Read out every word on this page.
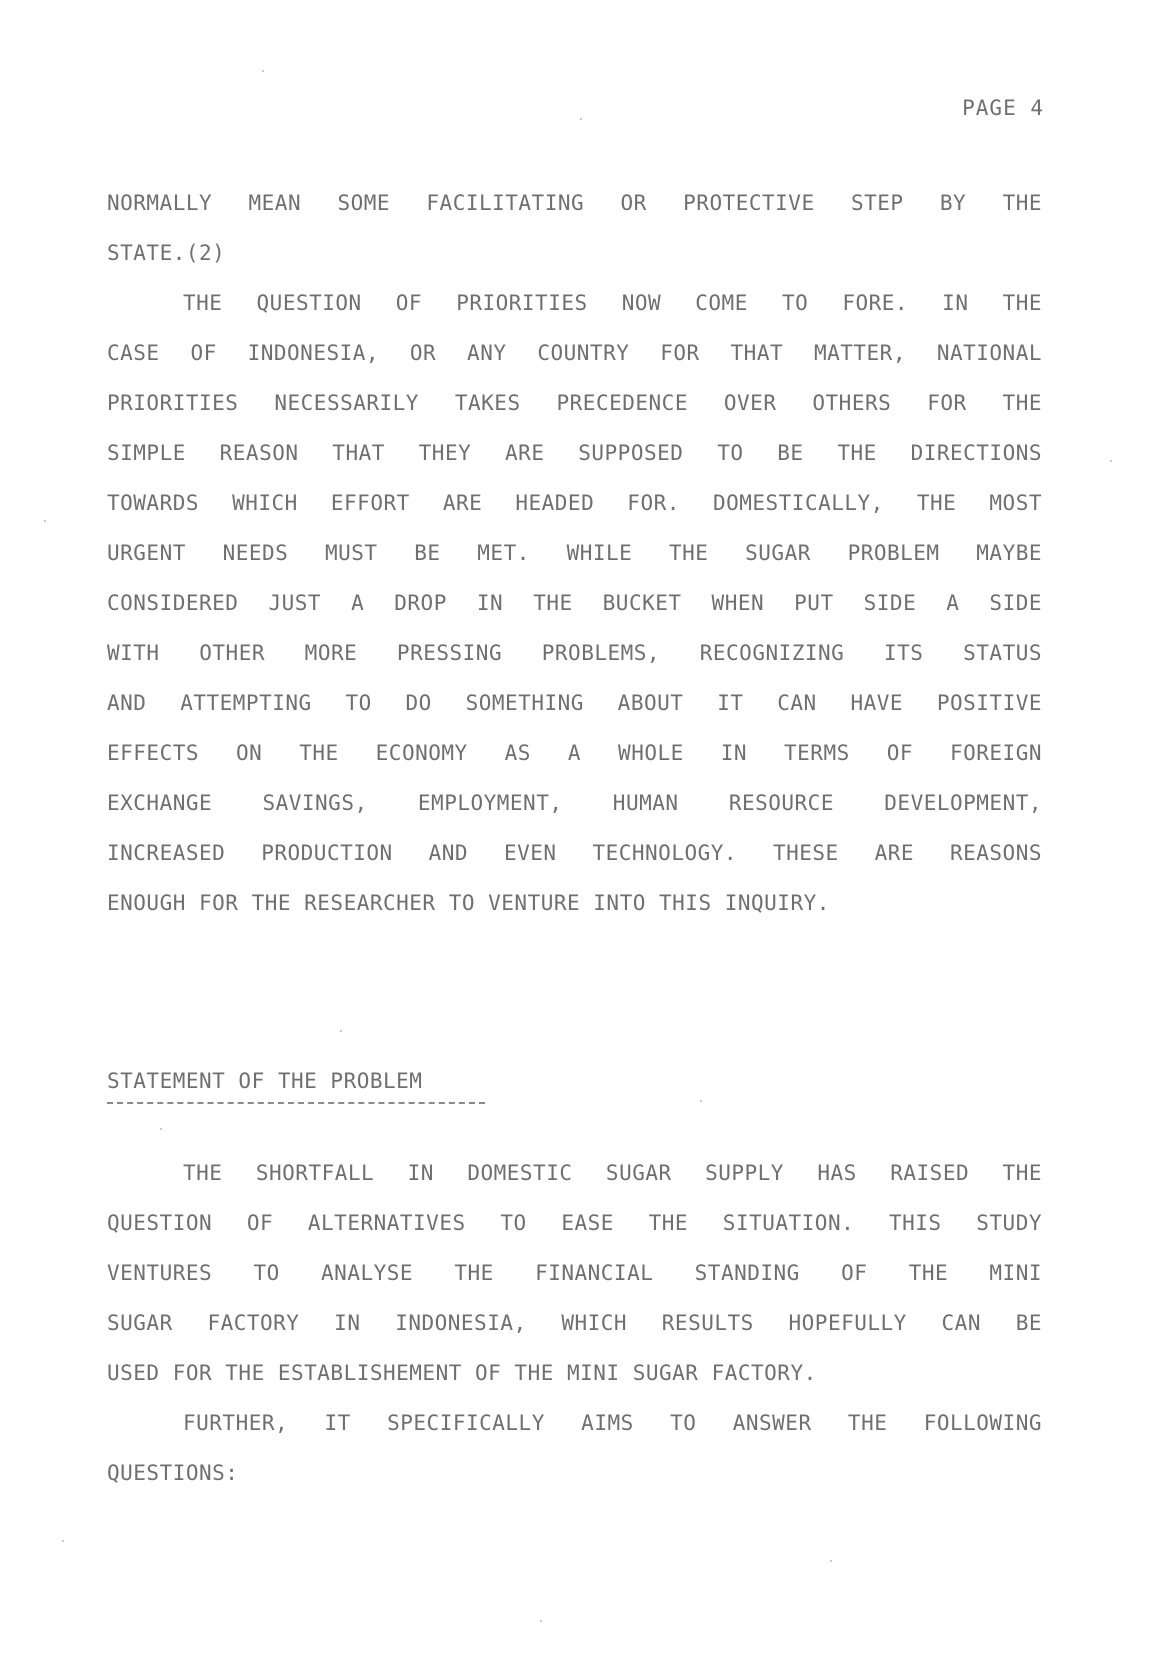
PAGE 4
NORMALLY MEAN SOME FACILITATING OR PROTECTIVE STEP BY THE
STATE.(2)
THE QUESTION OF PRIORITIES NOW COME TO FORE. IN THE
CASE OF INDONESIA, OR ANY COUNTRY FOR THAT MATTER, NATIONAL
PRIORITIES NECESSARILY TAKES PRECEDENCE OVER OTHERS FOR THE
SIMPLE REASON THAT THEY ARE SUPPOSED TO BE THE DIRECTIONS
TOWARDS WHICH EFFORT ARE HEADED FOR. DOMESTICALLY, THE MOST
URGENT NEEDS MUST BE MET. WHILE THE SUGAR PROBLEM MAYBE
CONSIDERED JUST A DROP IN THE BUCKET WHEN PUT SIDE A SIDE
WITH OTHER MORE PRESSING PROBLEMS, RECOGNIZING ITS STATUS
AND ATTEMPTING TO DO SOMETHING ABOUT IT CAN HAVE POSITIVE
EFFECTS ON THE ECONOMY AS A WHOLE IN TERMS OF FOREIGN
EXCHANGE SAVINGS, EMPLOYMENT, HUMAN RESOURCE DEVELOPMENT,
INCREASED PRODUCTION AND EVEN TECHNOLOGY. THESE ARE REASONS
ENOUGH FOR THE RESEARCHER TO VENTURE INTO THIS INQUIRY.
STATEMENT OF THE PROBLEM
THE SHORTFALL IN DOMESTIC SUGAR SUPPLY HAS RAISED THE
QUESTION OF ALTERNATIVES TO EASE THE SITUATION. THIS STUDY
VENTURES TO ANALYSE THE FINANCIAL STANDING OF THE MINI
SUGAR FACTORY IN INDONESIA, WHICH RESULTS HOPEFULLY CAN BE
USED FOR THE ESTABLISHEMENT OF THE MINI SUGAR FACTORY.
FURTHER, IT SPECIFICALLY AIMS TO ANSWER THE FOLLOWING
QUESTIONS:
